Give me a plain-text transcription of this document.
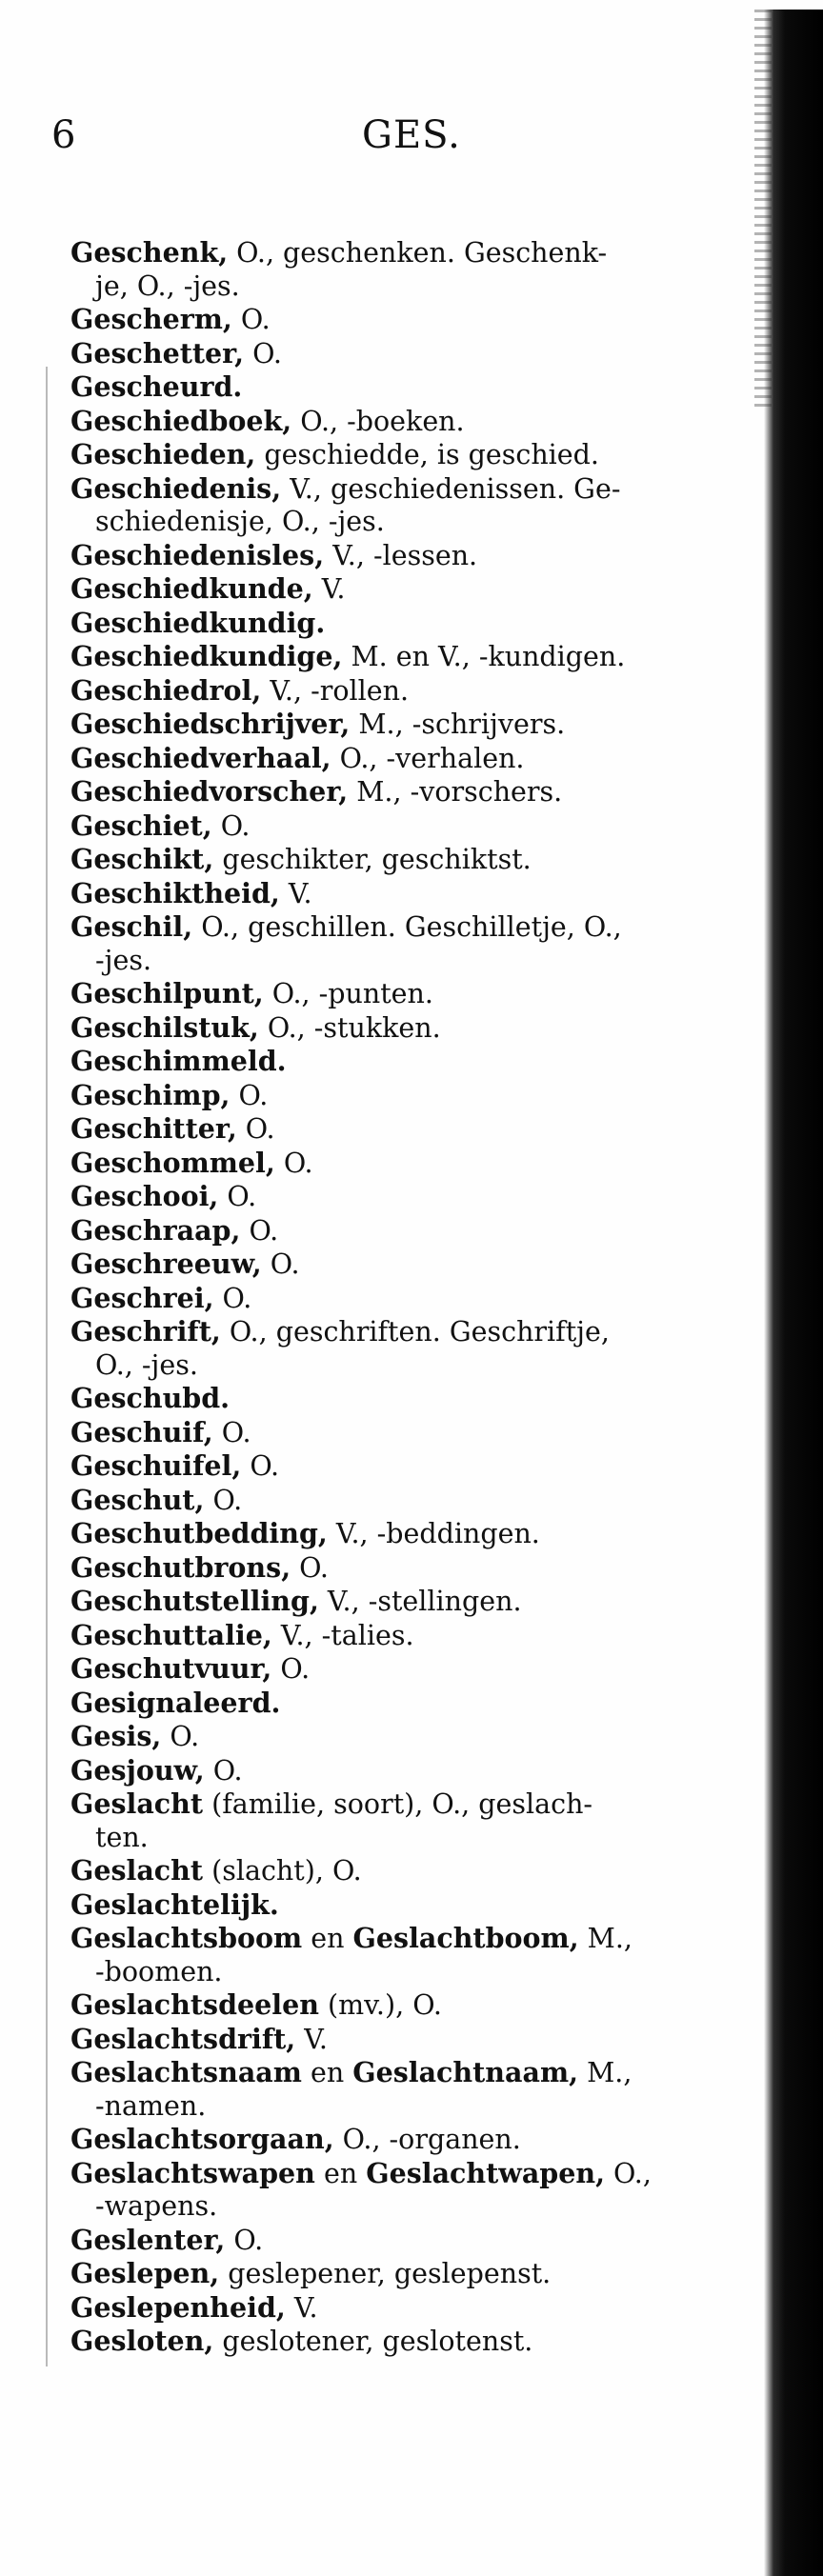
6	GES.
Geschenk, O., geschenken. Geschenk-
je, O., -jes.
Gescherm, O.
Geschetter, O.
Gescheurd.
Geschiedboek, O., -boeken.
Geschieden, geschiedde, is geschied.
Geschiedenis, V., geschiedenissen. Ge-
schiedenisje, O., -jes.
Geschiedenisles, V., -lessen.
Geschiedkunde, V.
Geschiedkundig.
Geschiedkundige, M. en V., -kundigen.
Geschiedrol, V., -rollen.
Geschiedschrijver, M., -schrijvers.
Geschiedverhaal, O., -verhalen.
Geschiedvorscher, M., -vorschers.
Geschiet, O.
Geschikt, geschikter, geschiktst.
Geschiktheid, V.
Geschil, O., geschillen. Geschilletje, O.,
-jes.
Geschilpunt, O., -punten.
Geschilstuk, O., -stukken.
Geschimmeld.
Geschimp, O.
Geschitter, O.
Geschommel, O.
Geschooi, O.
Geschraap, O.
Geschreeuw, O.
Geschrei, O.
Geschrift, O., geschriften. Geschriftje,
O., -jes.
Geschubd.
Geschuif, O.
Geschuifel, O.
Geschut, O.
Geschutbedding, V., -beddingen.
Geschutbrons, O.
Geschutstelling, V., -stellingen.
Geschuttalie, V., -talies.
Geschutvuur, O.
Gesignaleerd.
Gesis, O.
Gesjouw, O.
Geslacht (familie, soort), O., geslach-
ten.
Geslacht (slacht), O.
Geslachtelijk.
Geslachtsboom en Geslachtboom, M.,
-boomen.
Geslachtsdeelen (mv.), O.
Geslachtsdrift, V.
Geslachtsnaam en Geslachtnaam, M.,
-namen.
Geslachtsorgaan, O., -organen.
Geslachtswapen en Geslachtwapen, O.,
-wapens.
Geslenter, O.
Geslepen, geslepener, geslepenst.
Geslepenheid, V.
Gesloten, geslotener, geslotenst.
